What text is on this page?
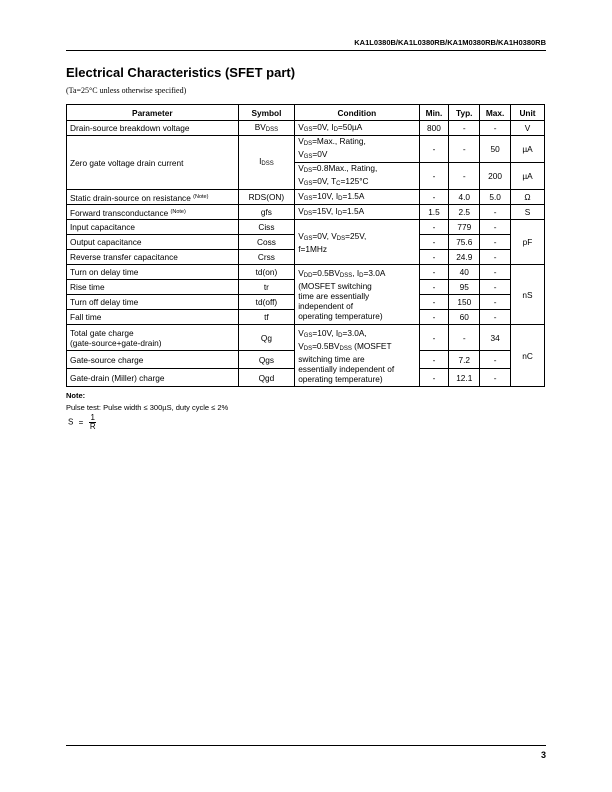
KA1L0380B/KA1L0380RB/KA1M0380RB/KA1H0380RB
Electrical Characteristics (SFET part)
(Ta=25°C unless otherwise specified)
Parameter	Symbol	Condition	Min.	Typ.	Max.	Unit
Drain-source breakdown voltage	$BV_{DSS}$	$V_{GS}=0V$, $I_D=50\mu A$	800	-	-	V
Zero gate voltage drain current	$I_{DSS}$	$V_{DS}=Max$., Rating,
$V_{GS}=0V$	-	-	50	µA
		$V_{DS}=0.8Max$., Rating,
$V_{GS}=0V$, $T_C=125^\circ C$	-	-	200	µA
Static drain-source on resistance $^{(Note)}$	RDS(ON)	$V_{GS}=10V$, $I_D=1.5A$	-	4.0	5.0	Ω
Forward transconductance $^{(Note)}$	gfs	$V_{DS}=15V$, $I_D=1.5A$	1.5	2.5	-	S
Input capacitance	Ciss	$V_{GS}=0V$, $V_{DS}=25V$,
f=1MHz	-	779	-	pF
Output capacitance	Coss		-	75.6	-	
Reverse transfer capacitance	Crss		-	24.9	-	
Turn on delay time	td(on)	$V_{DD}=0.5BV_{DSS}$, $I_D=3.0A$
(MOSFET switching
time are essentially
independent of
operating temperature)	-	40	-	nS
Rise time	tr		-	95	-	
Turn off delay time	td(off)		-	150	-	
Fall time	tf		-	60	-	
Total gate charge
(gate-source+gate-drain)	Qg	$V_{GS}=10V$, $I_D=3.0A$,
$V_{DS}=0.5BV_{DSS}$ (MOSFET
switching time are
essentially independent of
operating temperature)	-	-	34	nC
Gate-source charge	Qgs		-	7.2	-	
Gate-drain (Miller) charge	Qgd		-	12.1	-	
Note:
Pulse test: Pulse width ≤ 300µS, duty cycle ≤ 2%
$S = \frac{1}{R}$
3
